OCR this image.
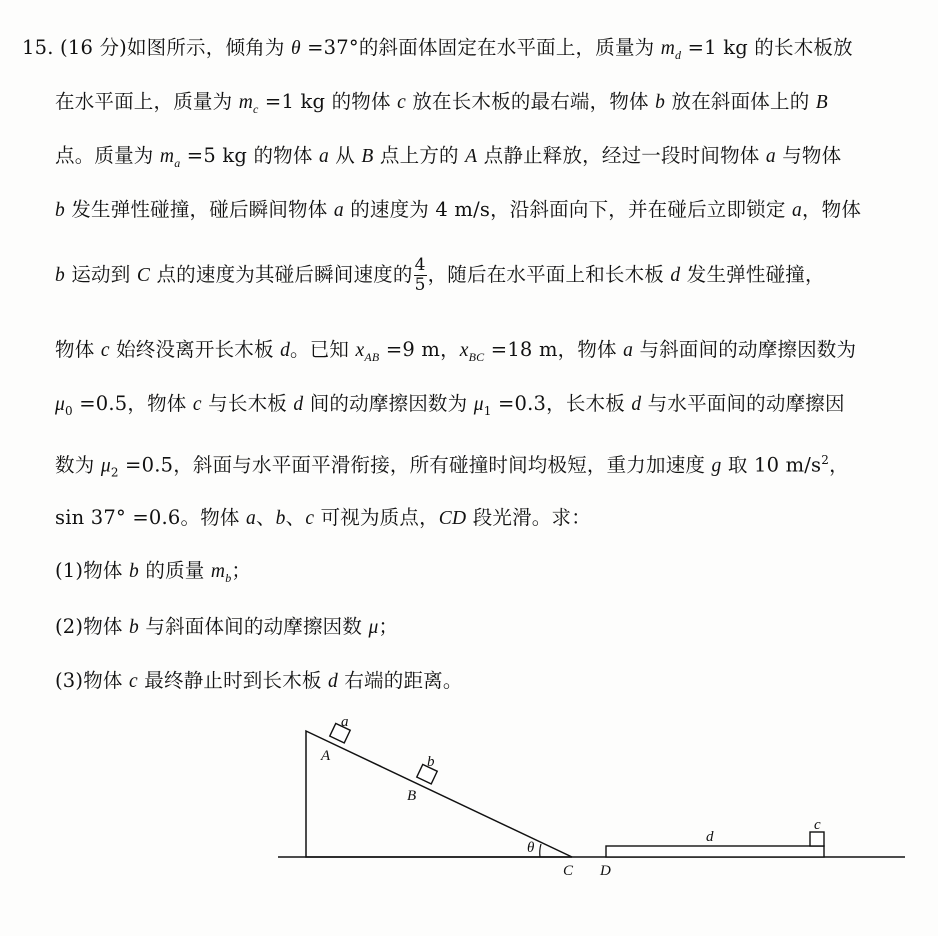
15. (16 分)如图所示，倾角为 θ =37°的斜面体固定在水平面上，质量为 $m_d =1$ kg 的长木板放
在水平面上，质量为 $m_c =1$ kg 的物体 c 放在长木板的最右端，物体 b 放在斜面体上的 B
点。质量为 $m_a =5$ kg 的物体 a 从 B 点上方的 A 点静止释放，经过一段时间物体 a 与物体
b 发生弹性碰撞，碰后瞬间物体 a 的速度为 4 m/s，沿斜面向下，并在碰后立即锁定 a，物体
b 运动到 C 点的速度为其碰后瞬间速度的 $\frac{4}{5}$ ，随后在水平面上和长木板 d 发生弹性碰撞，
物体 c 始终没离开长木板 d。已知 $x_{AB} =9$ m，$x_{BC} =18$ m，物体 a 与斜面间的动摩擦因数为
$\mu_0 =0.5$，物体 c 与长木板 d 间的动摩擦因数为 $\mu_1 =0.3$，长木板 d 与水平面间的动摩擦因
数为 $\mu_2 =0.5$，斜面与水平面平滑衔接，所有碰撞时间均极短，重力加速度 g 取 10 $m/s^2$，
sin 37° =0.6。物体 a、b、c 可视为质点，CD 段光滑。求：
(1)物体 b 的质量 $m_b$；
(2)物体 b 与斜面体间的动摩擦因数 μ；
(3)物体 c 最终静止时到长木板 d 右端的距离。
a
A	b
B
θ
C D
d
c
